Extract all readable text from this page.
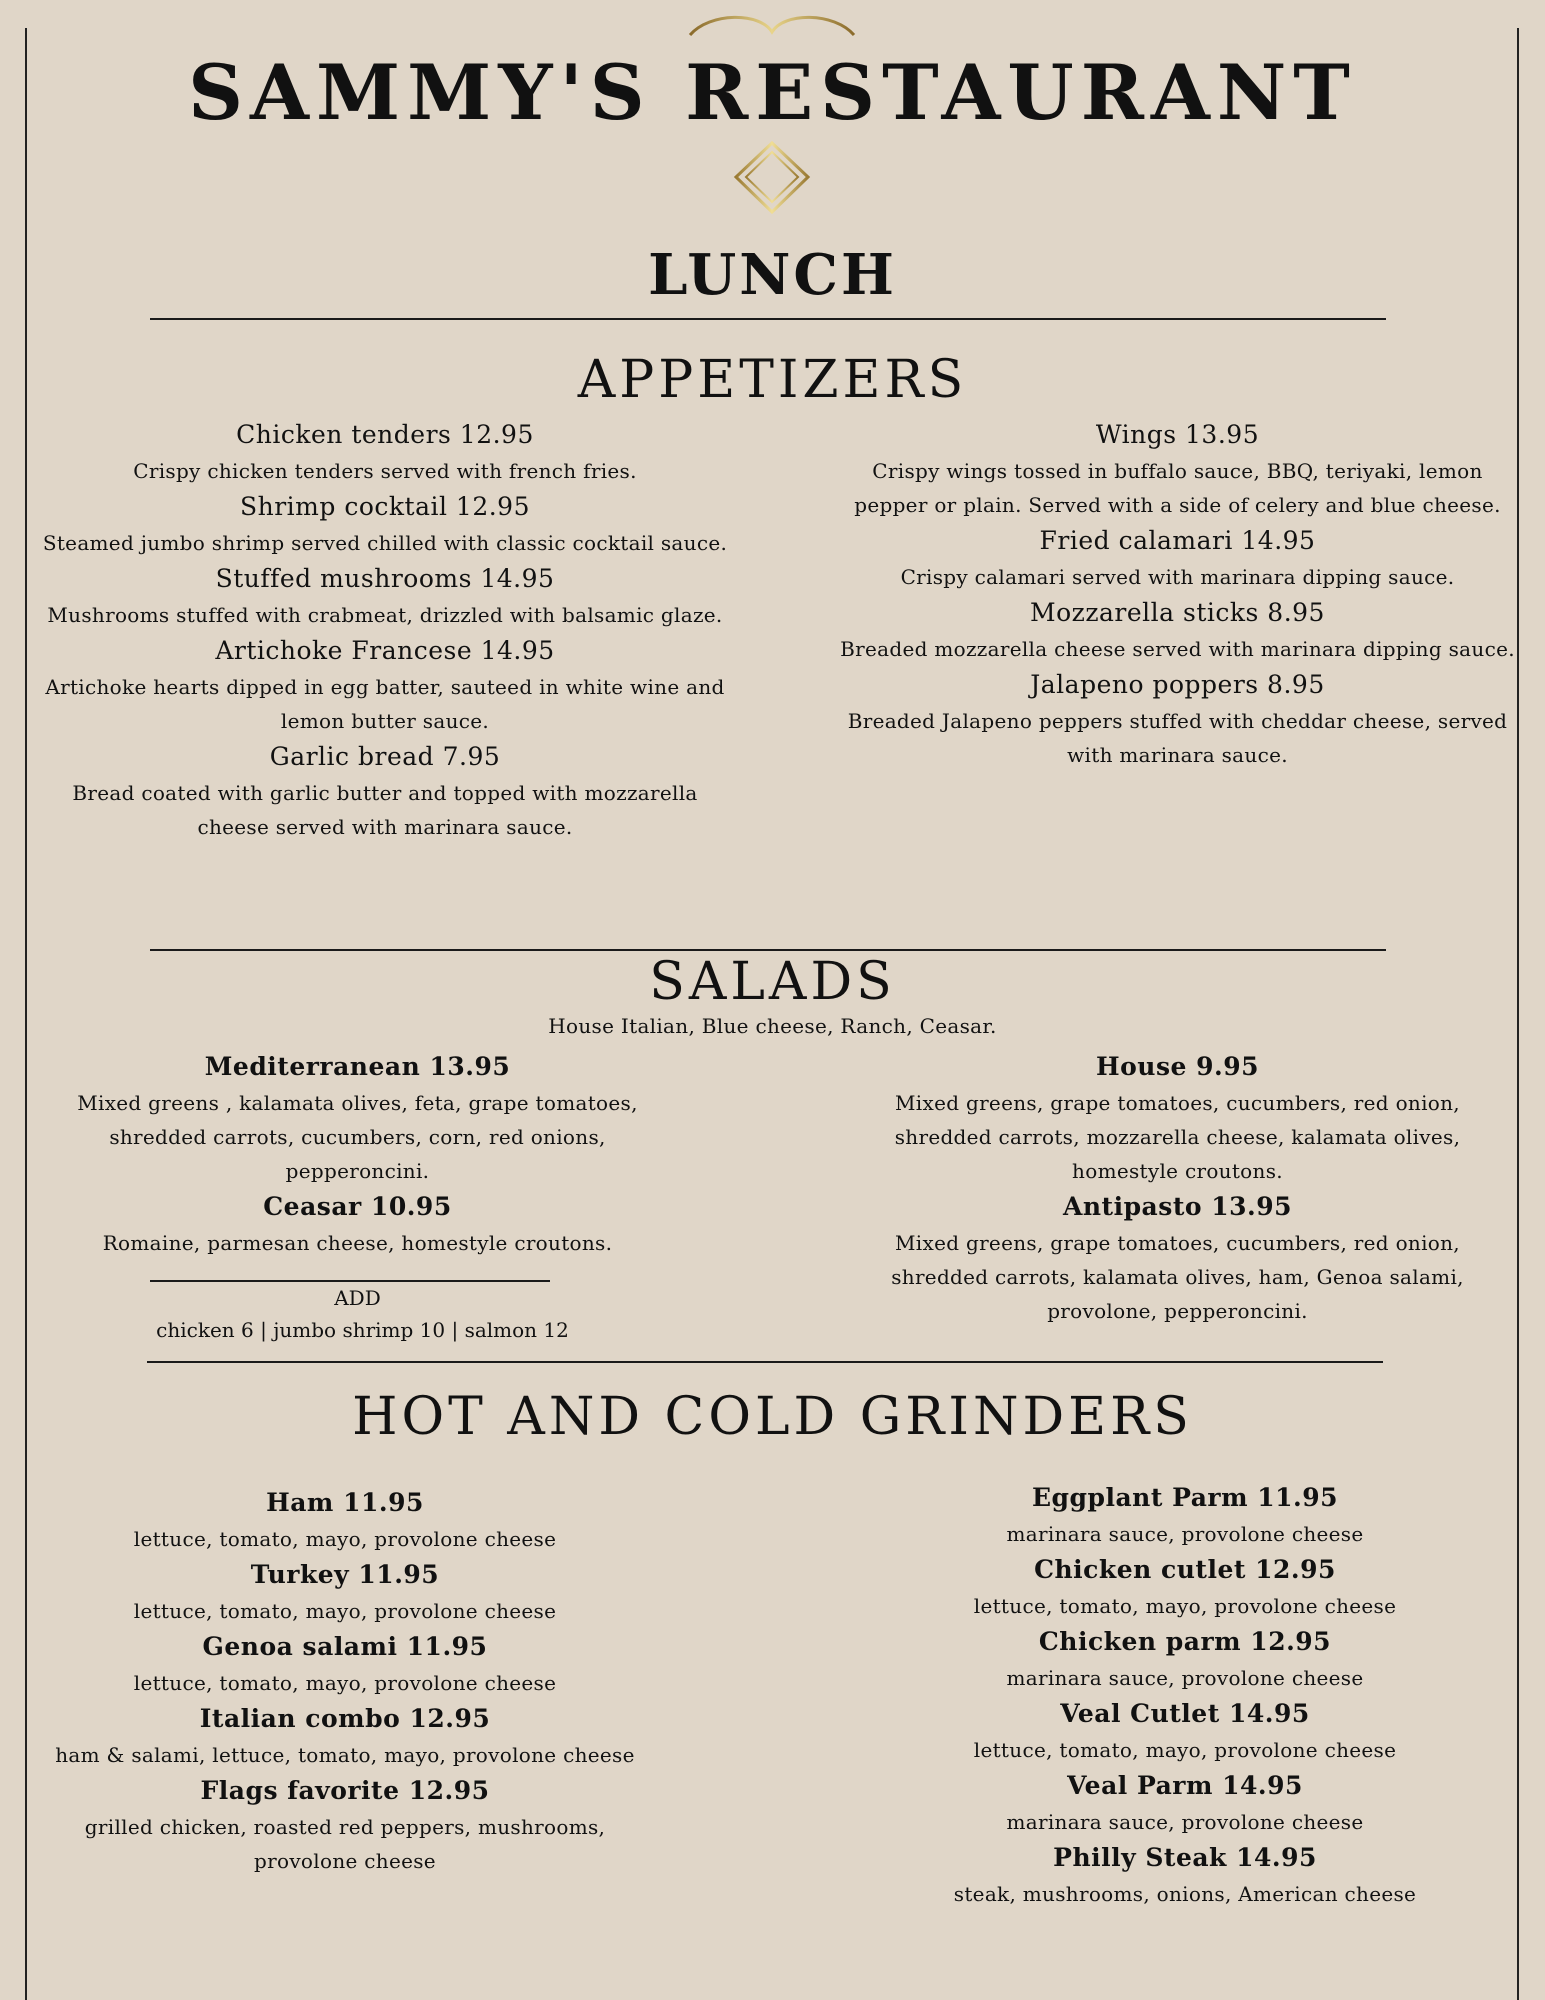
SAMMY'S RESTAURANT
LUNCH
APPETIZERS
Chicken tenders 12.95
Crispy chicken tenders served with french fries.
Shrimp cocktail 12.95
Steamed jumbo shrimp served chilled with classic cocktail sauce.
Stuffed mushrooms 14.95
Mushrooms stuffed with crabmeat, drizzled with balsamic glaze.
Artichoke Francese 14.95
Artichoke hearts dipped in egg batter, sauteed in white wine and lemon butter sauce.
Garlic bread 7.95
Bread coated with garlic butter and topped with mozzarella cheese served with marinara sauce.
Wings 13.95
Crispy wings tossed in buffalo sauce, BBQ, teriyaki, lemon pepper or plain. Served with a side of celery and blue cheese.
Fried calamari 14.95
Crispy calamari served with marinara dipping sauce.
Mozzarella sticks 8.95
Breaded mozzarella cheese served with marinara dipping sauce.
Jalapeno poppers 8.95
Breaded Jalapeno peppers stuffed with cheddar cheese, served with marinara sauce.
SALADS
House Italian, Blue cheese, Ranch, Ceasar.
Mediterranean 13.95
Mixed greens , kalamata olives, feta, grape tomatoes, shredded carrots, cucumbers, corn, red onions, pepperoncini.
Ceasar 10.95
Romaine, parmesan cheese, homestyle croutons.
ADD
chicken 6 | jumbo shrimp 10 | salmon 12
House 9.95
Mixed greens, grape tomatoes, cucumbers, red onion, shredded carrots, mozzarella cheese, kalamata olives, homestyle croutons.
Antipasto 13.95
Mixed greens, grape tomatoes, cucumbers, red onion, shredded carrots, kalamata olives, ham, Genoa salami, provolone, pepperoncini.
HOT AND COLD GRINDERS
Ham 11.95
lettuce, tomato, mayo, provolone cheese
Turkey 11.95
lettuce, tomato, mayo, provolone cheese
Genoa salami 11.95
lettuce, tomato, mayo, provolone cheese
Italian combo 12.95
ham & salami, lettuce, tomato, mayo, provolone cheese
Flags favorite 12.95
grilled chicken, roasted red peppers, mushrooms, provolone cheese
Eggplant Parm 11.95
marinara sauce, provolone cheese
Chicken cutlet 12.95
lettuce, tomato, mayo, provolone cheese
Chicken parm 12.95
marinara sauce, provolone cheese
Veal Cutlet 14.95
lettuce, tomato, mayo, provolone cheese
Veal Parm 14.95
marinara sauce, provolone cheese
Philly Steak 14.95
steak, mushrooms, onions, American cheese
